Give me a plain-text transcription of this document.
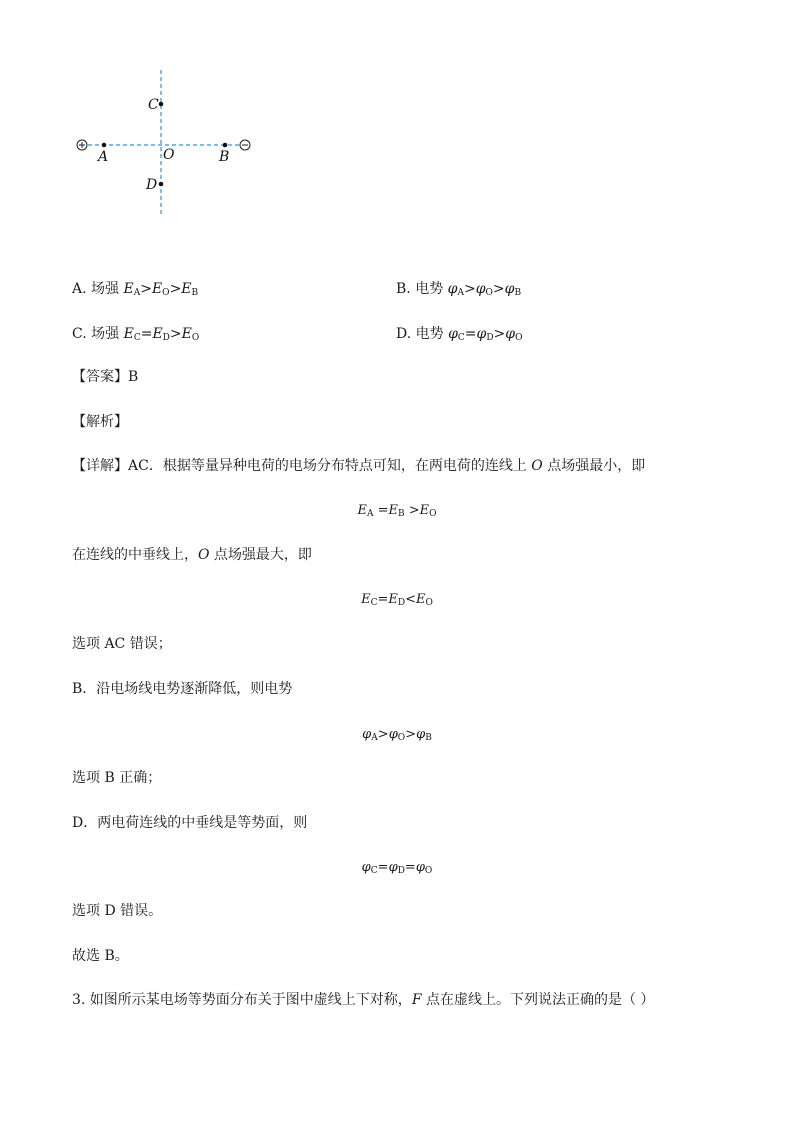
C
A	O	B
D
A. 场强 $E_A>E_O>E_B$	B. 电势 $\varphi_A>\varphi_O>\varphi_B$
C. 场强 $E_C=E_D>E_O$	D. 电势 $\varphi_C=\varphi_D>\varphi_O$
【答案】B
【解析】
【详解】AC．根据等量异种电荷的电场分布特点可知，在两电荷的连线上 O 点场强最小，即
$E_A =E_B >E_O$
在连线的中垂线上，O 点场强最大，即
$E_C=E_D<E_O$
选项 AC 错误；
B．沿电场线电势逐渐降低，则电势
$\varphi_A>\varphi_O>\varphi_B$
选项 B 正确；
D．两电荷连线的中垂线是等势面，则
$\varphi_C=\varphi_D=\varphi_O$
选项 D 错误。
故选 B。
3. 如图所示某电场等势面分布关于图中虚线上下对称，F 点在虚线上。下列说法正确的是（ ）
